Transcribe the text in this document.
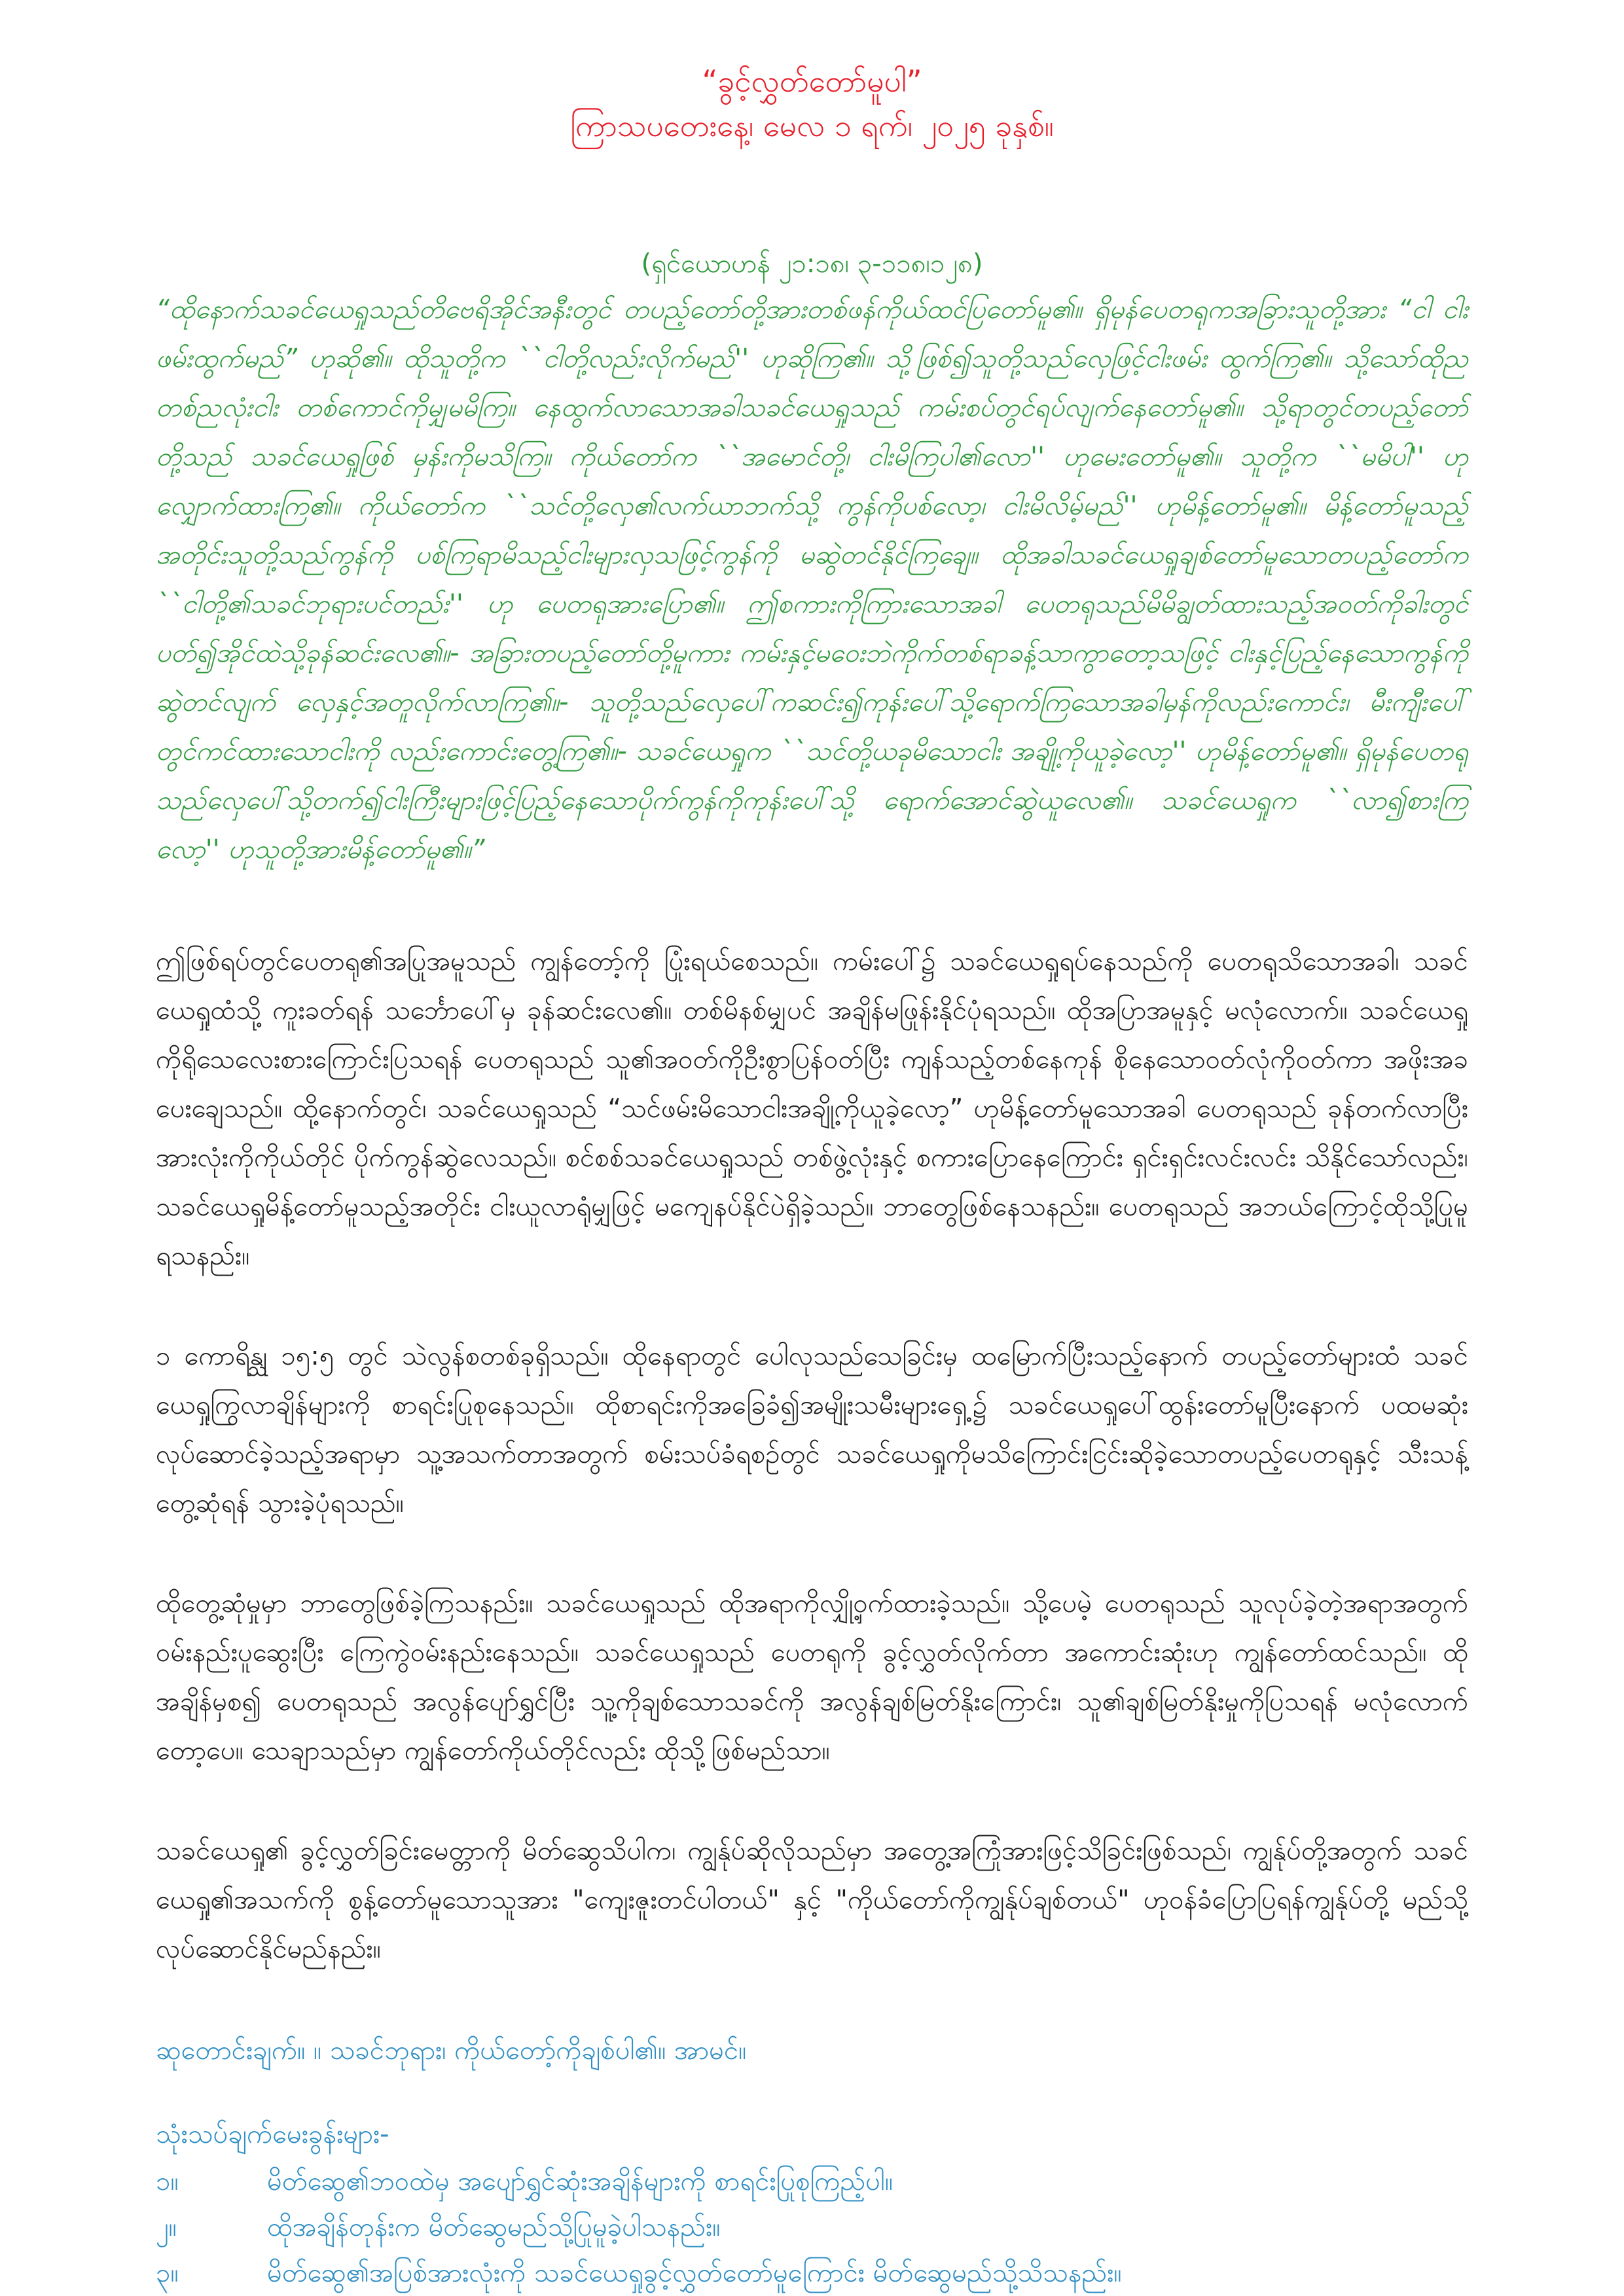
“ခွင့်လွှတ်တော်မူပါ”

ကြာသပတေးနေ့၊ မေလ ၁ ရက်၊ ၂၀၂၅ ခုနှစ်။

(ရှင်ယောဟန် ၂၁:၁၈၊ ၃-၁၁၈၊၁၂၈)

“ထိုနောက်သခင်ယေရှုသည်တိဗေရိအိုင်အနီးတွင် တပည့်တော်တို့အားတစ်ဖန်ကိုယ်ထင်ပြတော်မူ၏။ ရှိမုန်ပေတရုကအခြားသူတို့အား “ငါ ငါး ဖမ်းထွက်မည်” ဟုဆို၏။ ထိုသူတို့က ``ငါတို့လည်းလိုက်မည်'' ဟုဆိုကြ၏။ သို့ဖြစ်၍သူတို့သည်လှေဖြင့်ငါးဖမ်း ထွက်ကြ၏။ သို့သော်ထိုညတစ်ညလုံးငါး တစ်ကောင်ကိုမျှမမိကြ။ နေထွက်လာသောအခါသခင်ယေရှုသည် ကမ်းစပ်တွင်ရပ်လျက်နေတော်မူ၏။ သို့ရာတွင်တပည့်တော်တို့သည် သခင်ယေရှုဖြစ် မှန်းကိုမသိကြ။ ကိုယ်တော်က ``အမောင်တို့၊ ငါးမိကြပါ၏လော'' ဟုမေးတော်မူ၏။ သူတို့က ``မမိပါ'' ဟုလျှောက်ထားကြ၏။ ကိုယ်တော်က ``သင်တို့လှေ၏လက်ယာဘက်သို့ ကွန်ကိုပစ်လော့၊ ငါးမိလိမ့်မည်'' ဟုမိန့်တော်မူ၏။ မိန့်တော်မူသည့်အတိုင်းသူတို့သည်ကွန်ကို ပစ်ကြရာမိသည့်ငါးများလှသဖြင့်ကွန်ကို မဆွဲတင်နိုင်ကြချေ။ ထိုအခါသခင်ယေရှုချစ်တော်မူသောတပည့်တော်က ``ငါတို့၏သခင်ဘုရားပင်တည်း'' ဟု ပေတရုအားပြော၏။ ဤစကားကိုကြားသောအခါ ပေတရုသည်မိမိချွတ်ထားသည့်အဝတ်ကိုခါးတွင်ပတ်၍အိုင်ထဲသို့ခုန်ဆင်းလေ၏။- အခြားတပည့်တော်တို့မူကား ကမ်းနှင့်မဝေးဘဲကိုက်တစ်ရာခန့်သာကွာတော့သဖြင့် ငါးနှင့်ပြည့်နေသောကွန်ကိုဆွဲတင်လျက် လှေနှင့်အတူလိုက်လာကြ၏။- သူတို့သည်လှေပေါ်ကဆင်း၍ကုန်းပေါ်သို့ရောက်ကြသောအခါမှန်ကိုလည်းကောင်း၊ မီးကျီးပေါ်တွင်ကင်ထားသောငါးကို လည်းကောင်းတွေ့ကြ၏။- သခင်ယေရှုက ``သင်တို့ယခုမိသောငါး အချို့ကိုယူခဲ့လော့'' ဟုမိန့်တော်မူ၏။ ရှိမုန်ပေတရုသည်လှေပေါ်သို့တက်၍ငါးကြီးများဖြင့်ပြည့်နေသောပိုက်ကွန်ကိုကုန်းပေါ်သို့ ရောက်အောင်ဆွဲယူလေ၏။ သခင်ယေရှုက ``လာ၍စားကြလော့'' ဟုသူတို့အားမိန့်တော်မူ၏။”

ဤဖြစ်ရပ်တွင်ပေတရု၏အပြုအမူသည် ကျွန်တော့်ကို ပြုံးရယ်စေသည်။ ကမ်းပေါ်၌ သခင်ယေရှုရပ်နေသည်ကို ပေတရုသိသောအခါ၊ သခင်ယေရှုထံသို့ ကူးခတ်ရန် သင်္ဘောပေါ်မှ ခုန်ဆင်းလေ၏။ တစ်မိနစ်မျှပင် အချိန်မဖြုန်းနိုင်ပုံရသည်။ ထိုအပြာအမူနှင့် မလုံလောက်။ သခင်ယေရှုကိုရိုသေလေးစားကြောင်းပြသရန် ပေတရုသည် သူ၏အဝတ်ကိုဦးစွာပြန်ဝတ်ပြီး ကျန်သည့်တစ်နေကုန် စိုနေသောဝတ်လုံကိုဝတ်ကာ အဖိုးအခပေးချေသည်။ ထို့နောက်တွင်၊ သခင်ယေရှုသည် “သင်ဖမ်းမိသောငါးအချို့ကိုယူခဲ့လော့” ဟုမိန့်တော်မူသောအခါ ပေတရုသည် ခုန်တက်လာပြီး အားလုံးကိုကိုယ်တိုင် ပိုက်ကွန်ဆွဲလေသည်။ စင်စစ်သခင်ယေရှုသည် တစ်ဖွဲ့လုံးနှင့် စကားပြောနေကြောင်း ရှင်းရှင်းလင်းလင်း သိနိုင်သော်လည်း၊ သခင်ယေရှုမိန့်တော်မူသည့်အတိုင်း ငါးယူလာရုံမျှဖြင့် မကျေနပ်နိုင်ပဲရှိခဲ့သည်။ ဘာတွေဖြစ်နေသနည်း။ ပေတရုသည် အဘယ်ကြောင့်ထိုသို့ပြုမူရသနည်း။

၁ ကောရိန္သု ၁၅:၅ တွင် သဲလွန်စတစ်ခုရှိသည်။ ထိုနေရာတွင် ပေါလုသည်သေခြင်းမှ ထမြောက်ပြီးသည့်နောက် တပည့်တော်များထံ သခင်ယေရှုကြွလာချိန်များကို စာရင်းပြုစုနေသည်။ ထိုစာရင်းကိုအခြေခံ၍အမျိုးသမီးများရှေ့၌ သခင်ယေရှုပေါ်ထွန်းတော်မူပြီးနောက် ပထမဆုံးလုပ်ဆောင်ခဲ့သည့်အရာမှာ သူ့အသက်တာအတွက် စမ်းသပ်ခံရစဉ်တွင် သခင်ယေရှုကိုမသိကြောင်းငြင်းဆိုခဲ့သောတပည့်ပေတရုနှင့် သီးသန့်တွေ့ဆုံရန် သွားခဲ့ပုံရသည်။

ထိုတွေ့ဆုံမှုမှာ ဘာတွေဖြစ်ခဲ့ကြသနည်း။ သခင်ယေရှုသည် ထိုအရာကိုလျှို့ဝှက်ထားခဲ့သည်။ သို့ပေမဲ့ ပေတရုသည် သူလုပ်ခဲ့တဲ့အရာအတွက် ဝမ်းနည်းပူဆွေးပြီး ကြေကွဲဝမ်းနည်းနေသည်။ သခင်ယေရှုသည် ပေတရုကို ခွင့်လွှတ်လိုက်တာ အကောင်းဆုံးဟု ကျွန်တော်ထင်သည်။ ထိုအချိန်မှစ၍ ပေတရုသည် အလွန်ပျော်ရွှင်ပြီး သူ့ကိုချစ်သောသခင်ကို အလွန်ချစ်မြတ်နိုးကြောင်း၊ သူ၏ချစ်မြတ်နိုးမှုကိုပြသရန် မလုံလောက်တော့ပေ။ သေချာသည်မှာ ကျွန်တော်ကိုယ်တိုင်လည်း ထိုသို့ဖြစ်မည်သာ။

သခင်ယေရှု၏ ခွင့်လွှတ်ခြင်းမေတ္တာကို မိတ်ဆွေသိပါက၊ ကျွန်ုပ်ဆိုလိုသည်မှာ အတွေ့အကြုံအားဖြင့်သိခြင်းဖြစ်သည်၊ ကျွန်ုပ်တို့အတွက် သခင်ယေရှု၏အသက်ကို စွန့်တော်မူသောသူအား "ကျေးဇူးတင်ပါတယ်" နှင့် "ကိုယ်တော်ကိုကျွန်ုပ်ချစ်တယ်" ဟုဝန်ခံပြောပြရန်ကျွန်ုပ်တို့ မည်သို့လုပ်ဆောင်နိုင်မည်နည်း။

ဆုတောင်းချက်။ ။ သခင်ဘုရား၊ ကိုယ်တော့်ကိုချစ်ပါ၏။ အာမင်။

သုံးသပ်ချက်မေးခွန်းများ-

၁။	မိတ်ဆွေ၏ဘဝထဲမှ အပျော်ရွှင်ဆုံးအချိန်များကို စာရင်းပြုစုကြည့်ပါ။
၂။	ထိုအချိန်တုန်းက မိတ်ဆွေမည်သို့ပြုမူခဲ့ပါသနည်း။
၃။	မိတ်ဆွေ၏အပြစ်အားလုံးကို သခင်ယေရှုခွင့်လွှတ်တော်မူကြောင်း မိတ်ဆွေမည်သို့သိသနည်း။
